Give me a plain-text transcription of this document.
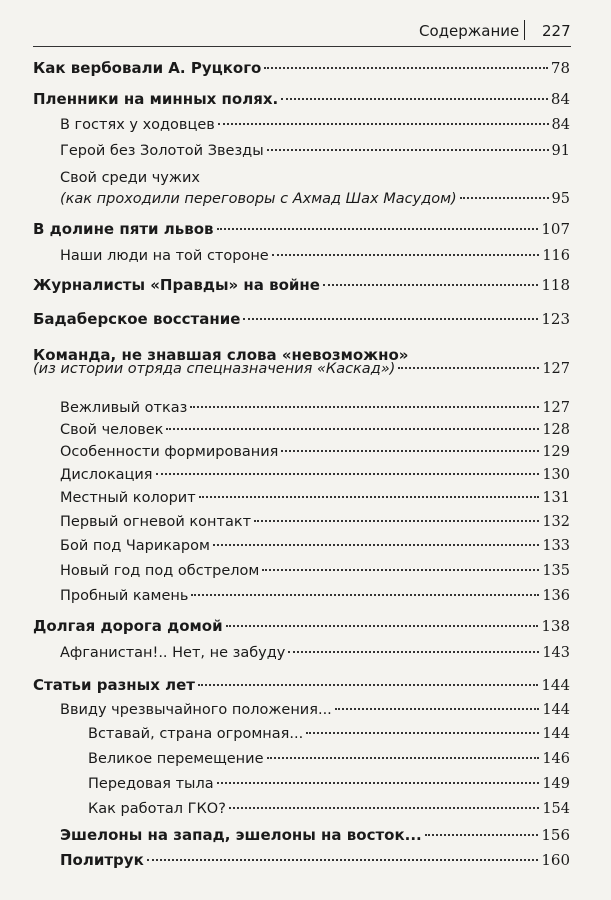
Содержание 227
Как вербовали А. Руцкого	78
Пленники на минных полях.	84
В гостях у ходовцев	84
Герой без Золотой Звезды	91
Свой среди чужих
(как проходили переговоры с Ахмад Шах Масудом)	95
В долине пяти львов	107
Наши люди на той стороне	116
Журналисты «Правды» на войне	118
Бадаберское восстание	123
Команда, не знавшая слова «невозможно»
(из истории отряда спецназначения «Каскад»)	127
Вежливый отказ	127
Свой человек	128
Особенности формирования	129
Дислокация	130
Местный колорит	131
Первый огневой контакт	132
Бой под Чарикаром	133
Новый год под обстрелом	135
Пробный камень	136
Долгая дорога домой	138
Афганистан!.. Нет, не забуду	143
Статьи разных лет	144
Ввиду чрезвычайного положения...	144
Вставай, страна огромная...	144
Великое перемещение	146
Передовая тыла	149
Как работал ГКО?	154
Эшелоны на запад, эшелоны на восток...	156
Политрук	160
